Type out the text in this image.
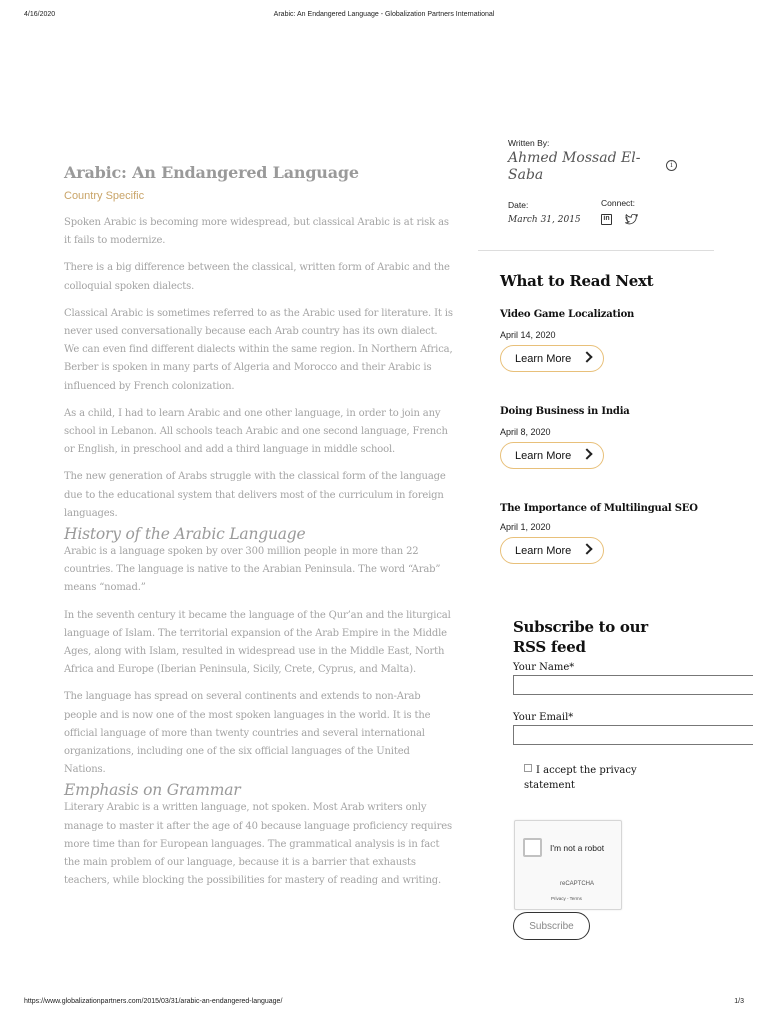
4/16/2020	Arabic: An Endangered Language - Globalization Partners International
Arabic: An Endangered Language
Country Specific

Spoken Arabic is becoming more widespread, but classical Arabic is at risk as it fails to modernize.

There is a big difference between the classical, written form of Arabic and the colloquial spoken dialects.

Classical Arabic is sometimes referred to as the Arabic used for literature. It is never used conversationally because each Arab country has its own dialect. We can even find different dialects within the same region. In Northern Africa, Berber is spoken in many parts of Algeria and Morocco and their Arabic is influenced by French colonization.

As a child, I had to learn Arabic and one other language, in order to join any school in Lebanon. All schools teach Arabic and one second language, French or English, in preschool and add a third language in middle school.

The new generation of Arabs struggle with the classical form of the language due to the educational system that delivers most of the curriculum in foreign languages.

History of the Arabic Language

Arabic is a language spoken by over 300 million people in more than 22 countries. The language is native to the Arabian Peninsula. The word “Arab” means “nomad.”

In the seventh century it became the language of the Qur’an and the liturgical language of Islam. The territorial expansion of the Arab Empire in the Middle Ages, along with Islam, resulted in widespread use in the Middle East, North Africa and Europe (Iberian Peninsula, Sicily, Crete, Cyprus, and Malta).

The language has spread on several continents and extends to non-Arab people and is now one of the most spoken languages in the world. It is the official language of more than twenty countries and several international organizations, including one of the six official languages of the United Nations.

Emphasis on Grammar

Literary Arabic is a written language, not spoken. Most Arab writers only manage to master it after the age of 40 because language proficiency requires more time than for European languages. The grammatical analysis is in fact the main problem of our language, because it is a barrier that exhausts teachers, while blocking the possibilities for mastery of reading and writing.

Written By:
Ahmed Mossad El-Saba
i
Date:
March 31, 2015
Connect:
in
What to Read Next
Video Game Localization
April 14, 2020
Learn More
Doing Business in India
April 8, 2020
Learn More
The Importance of Multilingual SEO
April 1, 2020
Learn More
Subscribe to our RSS feed
Your Name*
Your Email*
I accept the privacy statement
I'm not a robot
reCAPTCHA
Privacy - Terms
Subscribe
https://www.globalizationpartners.com/2015/03/31/arabic-an-endangered-language/	1/3
